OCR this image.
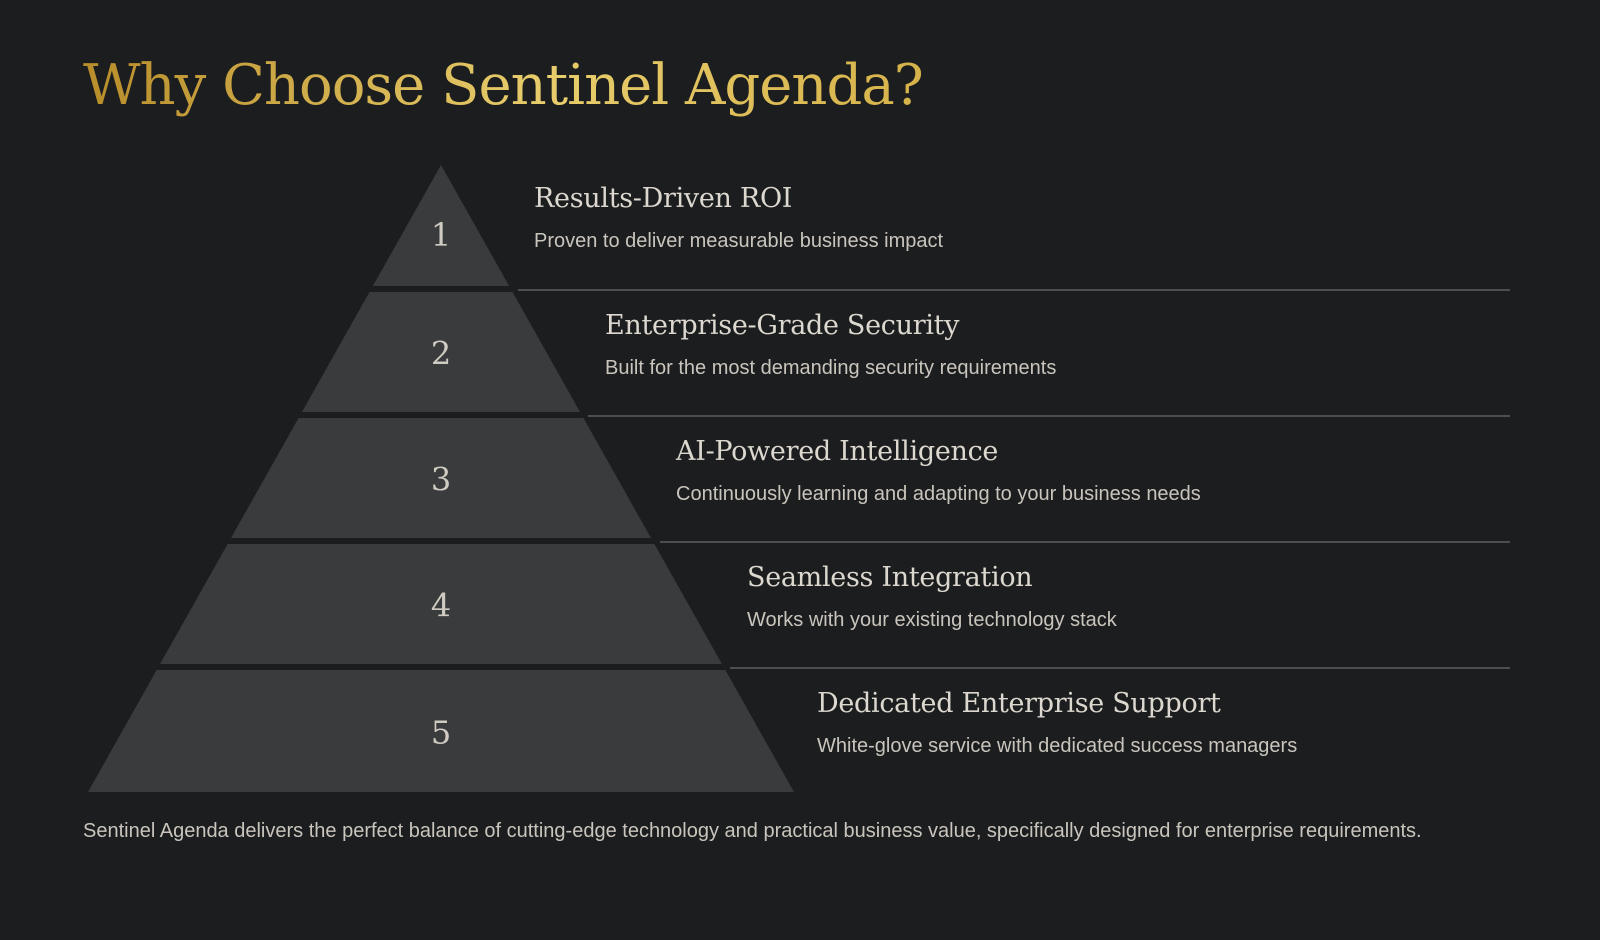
Why Choose Sentinel Agenda?
1
2
3
4
5
Results-Driven ROI
Proven to deliver measurable business impact
Enterprise-Grade Security
Built for the most demanding security requirements
AI-Powered Intelligence
Continuously learning and adapting to your business needs
Seamless Integration
Works with your existing technology stack
Dedicated Enterprise Support
White-glove service with dedicated success managers

Sentinel Agenda delivers the perfect balance of cutting-edge technology and practical business value, specifically designed for enterprise requirements.
